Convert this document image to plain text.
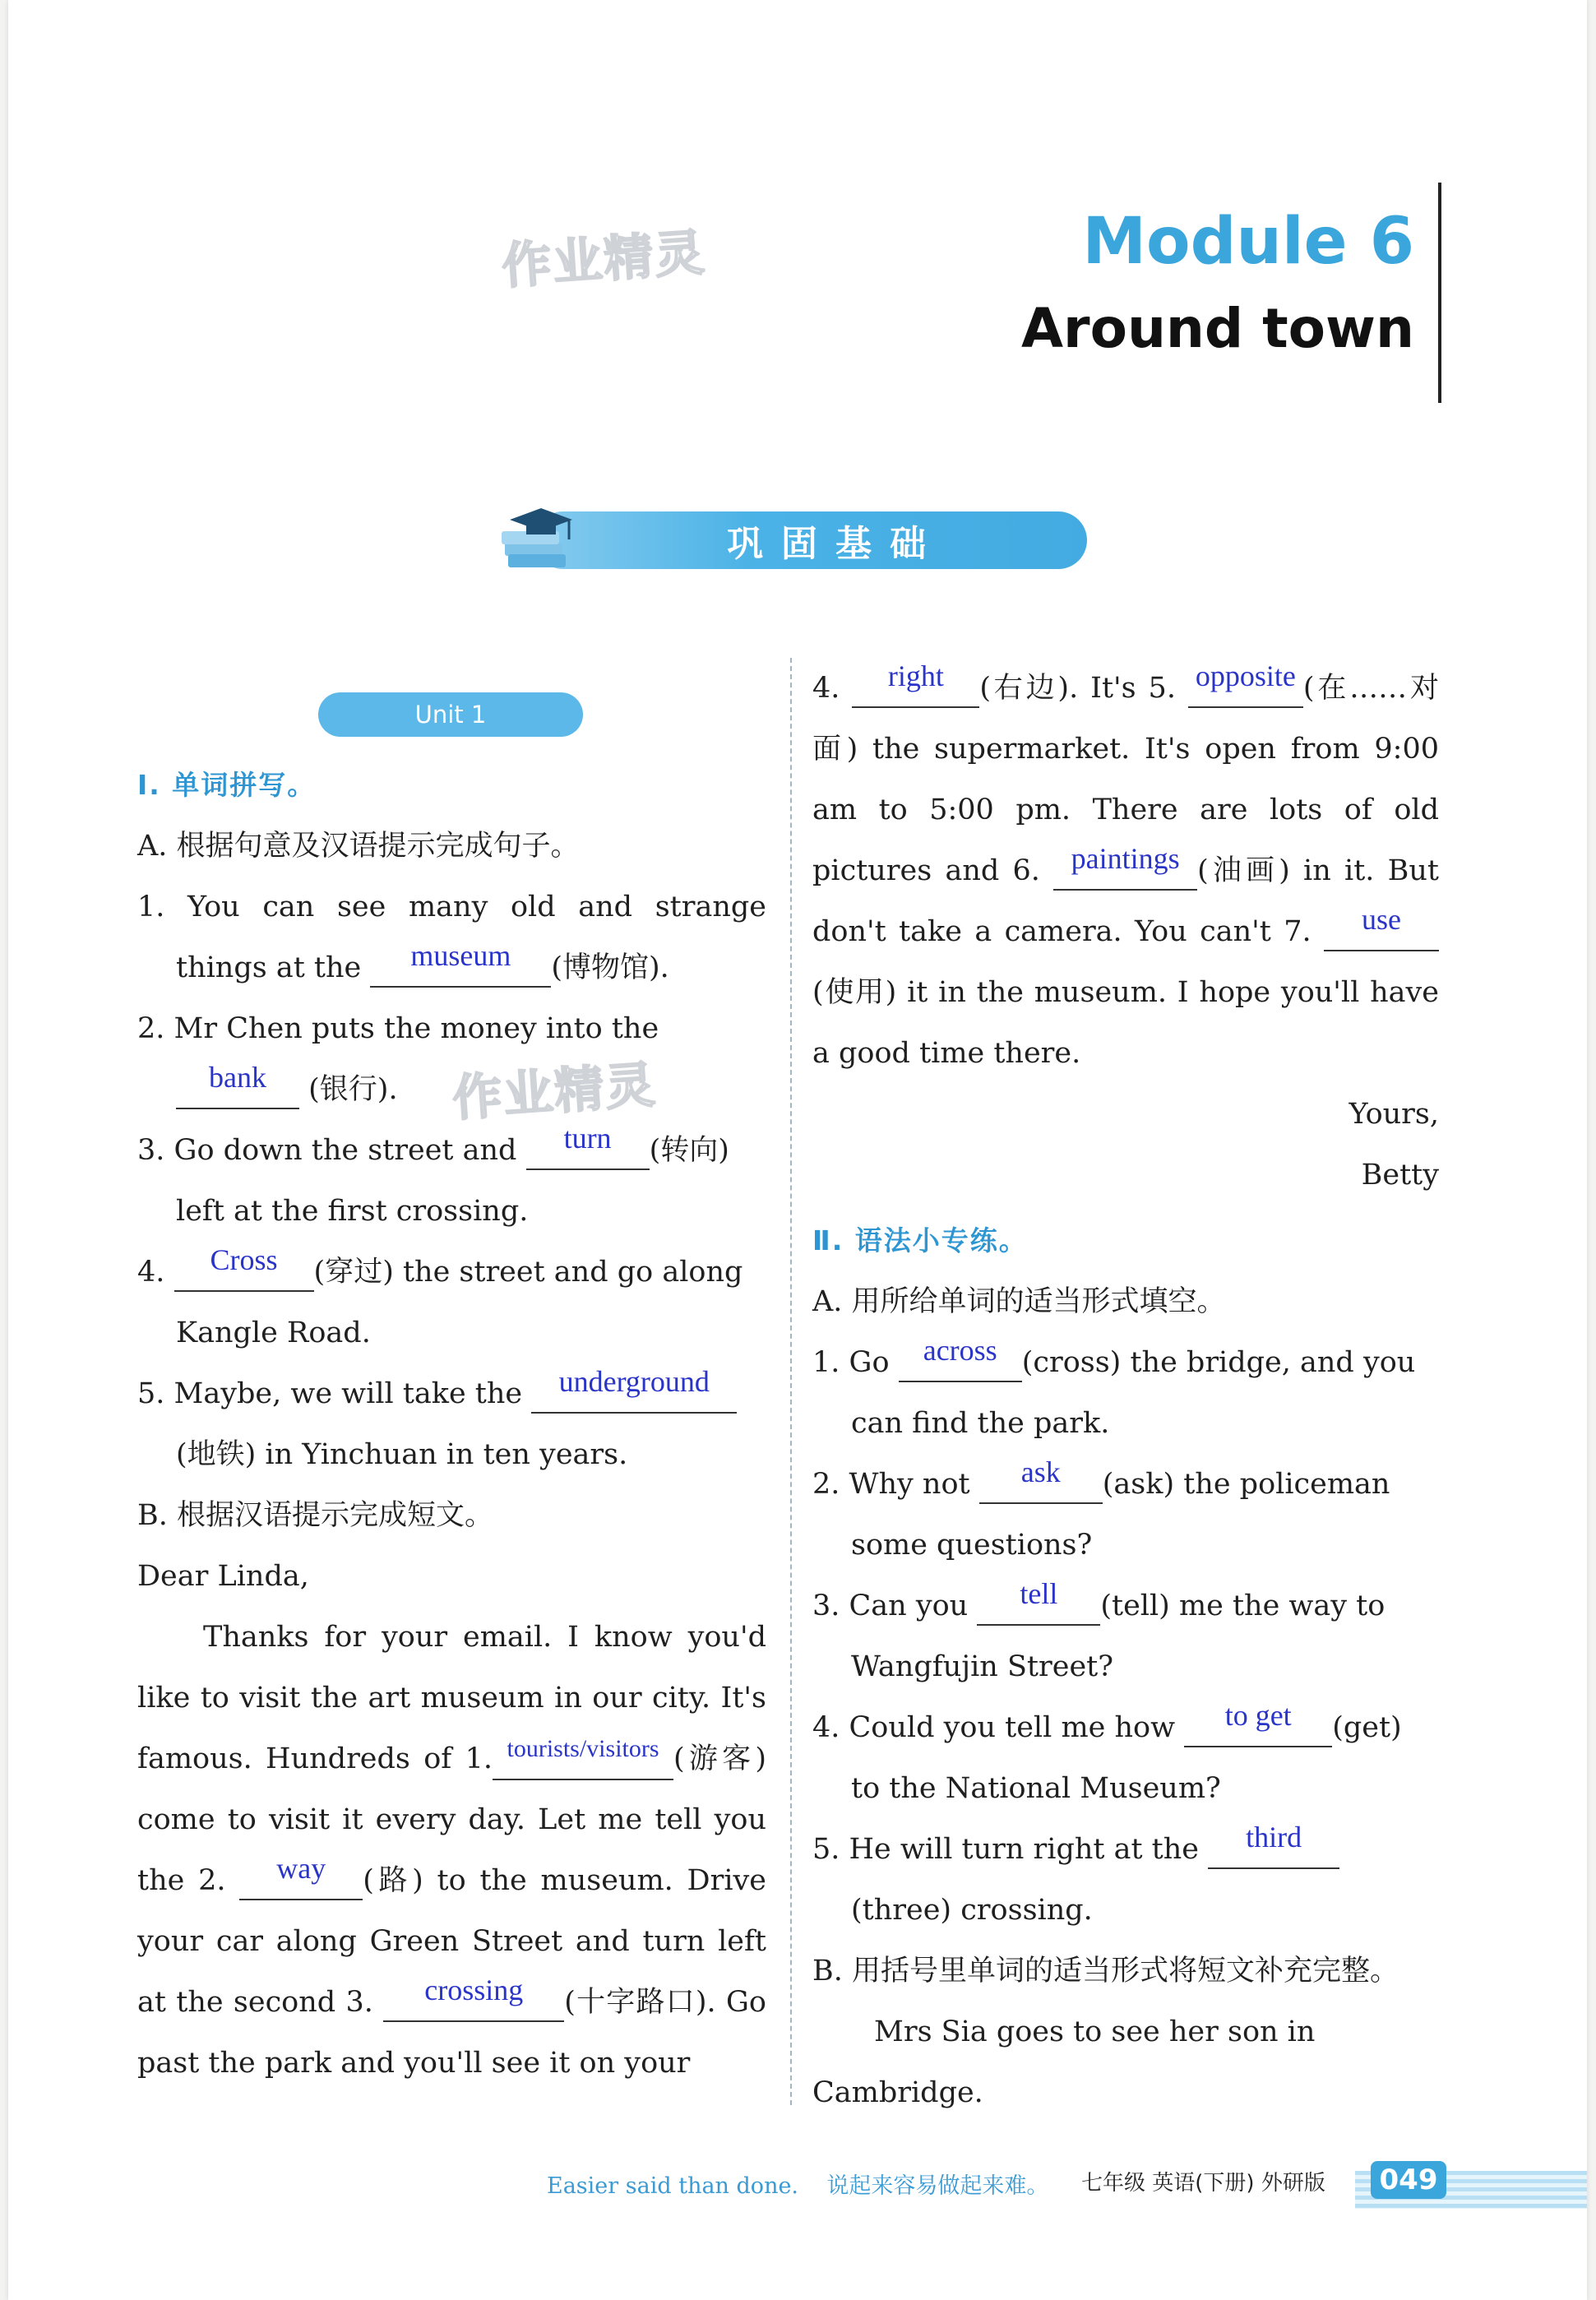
作业精灵
作业精灵
Module 6
Around town
巩固基础
Unit 1

Ⅰ. 单词拼写。

A. 根据句意及汉语提示完成句子。

1. You can see many old and strange things at the museum (博物馆).

2. Mr Chen puts the money into the bank (银行).

3. Go down the street and turn (转向) left at the first crossing.

4. Cross (穿过) the street and go along Kangle Road.

5. Maybe, we will take the underground (地铁) in Yinchuan in ten years.

B. 根据汉语提示完成短文。

Dear Linda,

Thanks for your email. I know you'd like to visit the art museum in our city. It's famous. Hundreds of 1. tourists/visitors (游客) come to visit it every day. Let me tell you the 2. way (路) to the museum. Drive your car along Green Street and turn left at the second 3. crossing (十字路口). Go past the park and you'll see it on your

4. right (右边). It's 5. opposite (在……对面) the supermarket. It's open from 9:00 am to 5:00 pm. There are lots of old pictures and 6. paintings (油画) in it. But don't take a camera. You can't 7. use(使用) it in the museum. I hope you'll have a good time there.

Yours,

Betty

Ⅱ. 语法小专练。

A. 用所给单词的适当形式填空。

1. Go across (cross) the bridge, and you can find the park.

2. Why not ask (ask) the policeman some questions?

3. Can you tell (tell) me the way to Wangfujin Street?

4. Could you tell me how to get (get) to the National Museum?

5. He will turn right at the third(three) crossing.

B. 用括号里单词的适当形式将短文补充完整。

Mrs Sia goes to see her son in Cambridge.

Easier said than done. 说起来容易做起来难。 七年级 英语(下册) 外研版	049
